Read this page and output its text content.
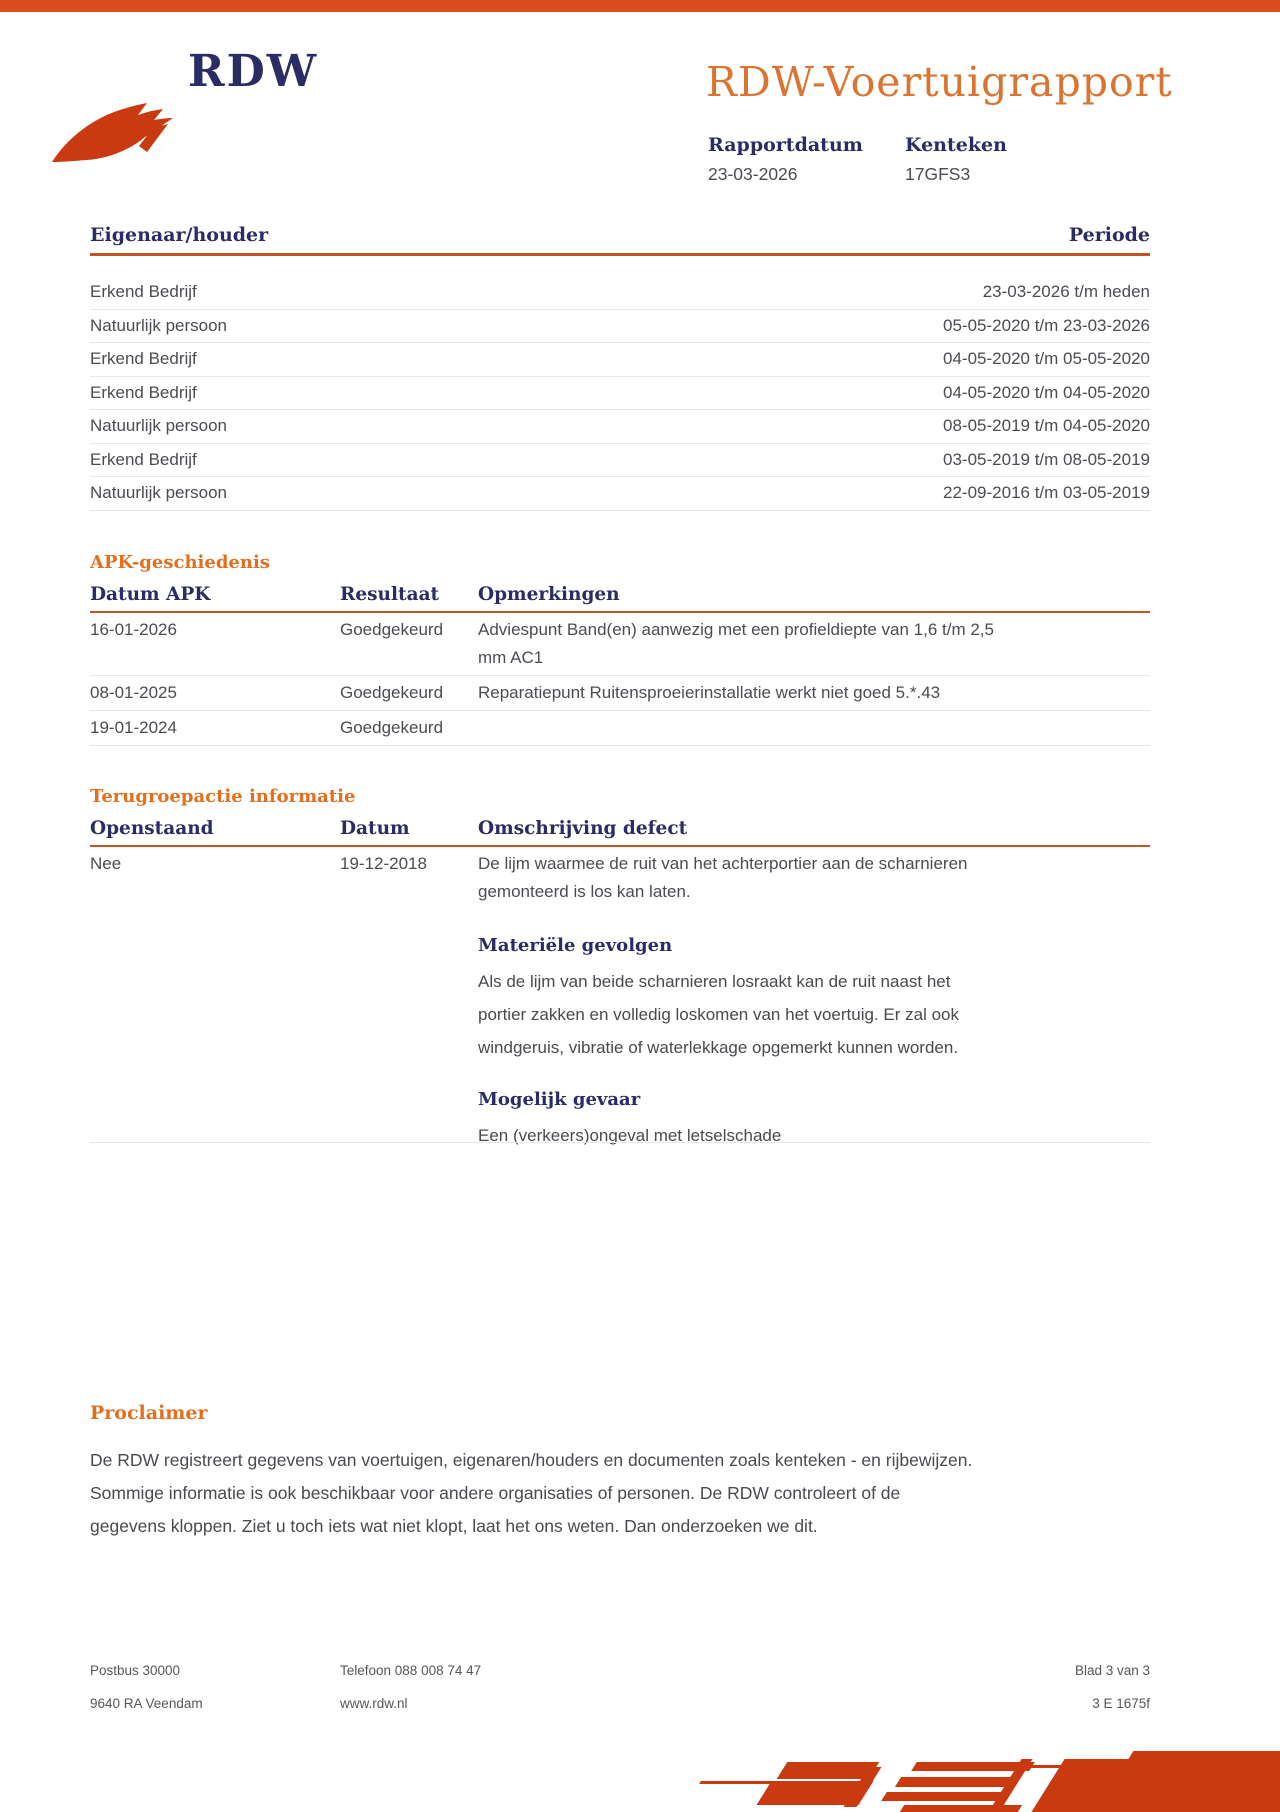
RDW	RDW-Voertuigrapport
Rapportdatum
23-03-2026
Kenteken
17GFS3
Eigenaar/houder	Periode
Erkend Bedrijf	23-03-2026 t/m heden
Natuurlijk persoon	05-05-2020 t/m 23-03-2026
Erkend Bedrijf	04-05-2020 t/m 05-05-2020
Erkend Bedrijf	04-05-2020 t/m 04-05-2020
Natuurlijk persoon	08-05-2019 t/m 04-05-2020
Erkend Bedrijf	03-05-2019 t/m 08-05-2019
Natuurlijk persoon	22-09-2016 t/m 03-05-2019
APK-geschiedenis
Datum APK	Resultaat	Opmerkingen
16-01-2026	Goedgekeurd	Adviespunt Band(en) aanwezig met een profieldiepte van 1,6 t/m 2,5 mm AC1
08-01-2025	Goedgekeurd	Reparatiepunt Ruitensproeierinstallatie werkt niet goed 5.*.43
19-01-2024	Goedgekeurd
Terugroepactie informatie
Openstaand	Datum	Omschrijving defect
Nee	19-12-2018	De lijm waarmee de ruit van het achterportier aan de scharnieren gemonteerd is los kan laten.
Materiële gevolgen
Als de lijm van beide scharnieren losraakt kan de ruit naast het portier zakken en volledig loskomen van het voertuig. Er zal ook windgeruis, vibratie of waterlekkage opgemerkt kunnen worden.
Mogelijk gevaar
Een (verkeers)ongeval met letselschade
Proclaimer
De RDW registreert gegevens van voertuigen, eigenaren/houders en documenten zoals kenteken - en rijbewijzen. Sommige informatie is ook beschikbaar voor andere organisaties of personen. De RDW controleert of de gegevens kloppen. Ziet u toch iets wat niet klopt, laat het ons weten. Dan onderzoeken we dit.
Postbus 30000	Telefoon 088 008 74 47	Blad 3 van 3
9640 RA Veendam	www.rdw.nl	3 E 1675f
